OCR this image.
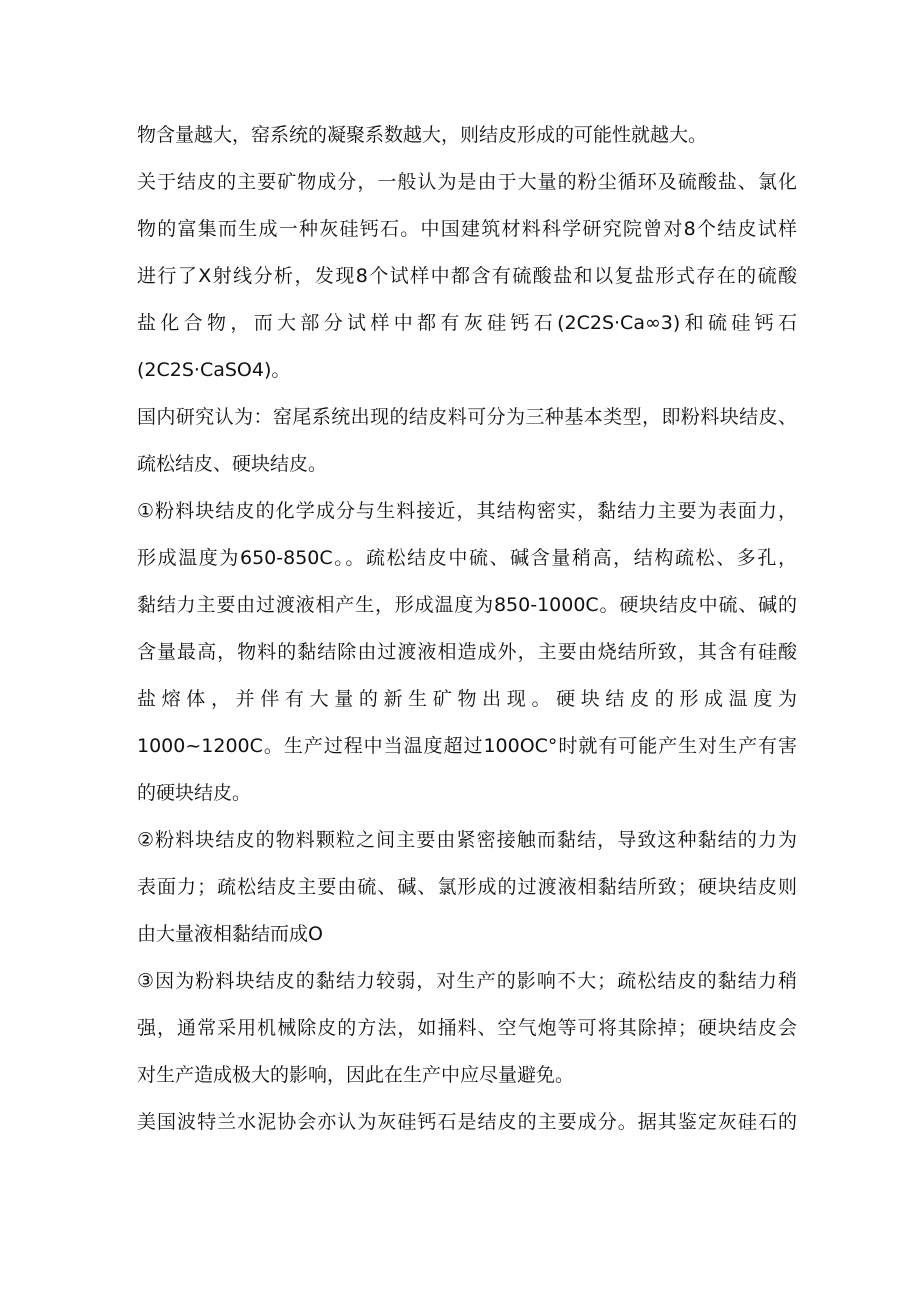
物含量越大，窑系统的凝聚系数越大，则结皮形成的可能性就越大。
关于结皮的主要矿物成分，一般认为是由于大量的粉尘循环及硫酸盐、氯化
物的富集而生成一种灰硅钙石。中国建筑材料科学研究院曾对8个结皮试样
进行了X射线分析，发现8个试样中都含有硫酸盐和以复盐形式存在的硫酸
盐化合物，而大部分试样中都有灰硅钙石(2C2S·Ca∞3)和硫硅钙石
(2C2S·CaSO4)。
国内研究认为：窑尾系统出现的结皮料可分为三种基本类型，即粉料块结皮、
疏松结皮、硬块结皮。
①粉料块结皮的化学成分与生料接近，其结构密实，黏结力主要为表面力，
形成温度为650-850C。。疏松结皮中硫、碱含量稍高，结构疏松、多孔，
黏结力主要由过渡液相产生，形成温度为850-1000C。硬块结皮中硫、碱的
含量最高，物料的黏结除由过渡液相造成外，主要由烧结所致，其含有硅酸
盐熔体，并伴有大量的新生矿物出现。硬块结皮的形成温度为
1000~1200C。生产过程中当温度超过100OC°时就有可能产生对生产有害
的硬块结皮。
②粉料块结皮的物料颗粒之间主要由紧密接触而黏结，导致这种黏结的力为
表面力；疏松结皮主要由硫、碱、氯形成的过渡液相黏结所致；硬块结皮则
由大量液相黏结而成O
③因为粉料块结皮的黏结力较弱，对生产的影响不大；疏松结皮的黏结力稍
强，通常采用机械除皮的方法，如捅料、空气炮等可将其除掉；硬块结皮会
对生产造成极大的影响，因此在生产中应尽量避免。
美国波特兰水泥协会亦认为灰硅钙石是结皮的主要成分。据其鉴定灰硅石的
